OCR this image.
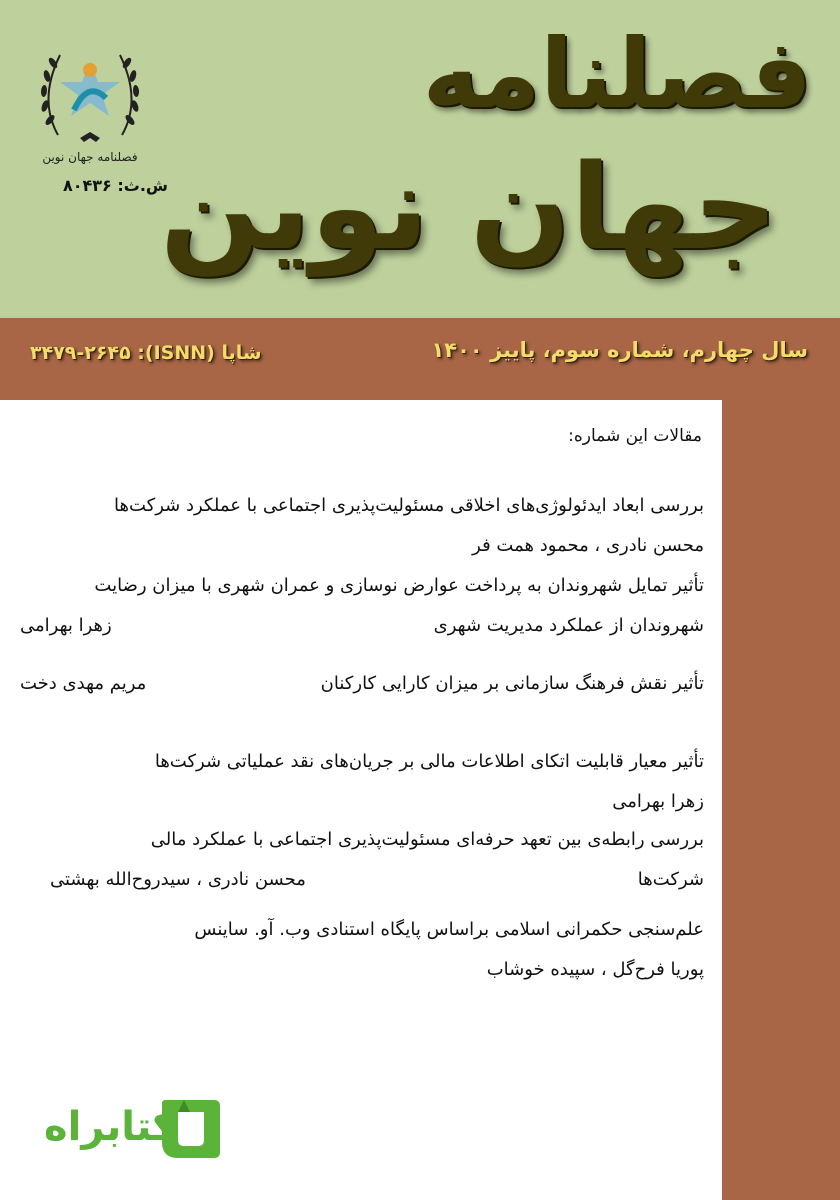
فصلنامه جهان نوین
ش.ث: ۸۰۴۳۶
فصلنامه
جهان نوین
سال چهارم، شماره سوم، پاییز ۱۴۰۰
شاپا (ISNN): ۳۴۷۹-۲۶۴۵
مقالات این شماره:
بررسی ابعاد ایدئولوژی‌های اخلاقی مسئولیت‌پذیری اجتماعی با عملکرد شرکت‌ها
محسن نادری ، محمود همت فر
تأثیر تمایل شهروندان به پرداخت عوارض نوسازی و عمران شهری با میزان رضایت
شهروندان از عملکرد مدیریت شهری
زهرا بهرامی
تأثیر نقش فرهنگ سازمانی بر میزان کارایی کارکنان
مریم مهدی دخت
تأثیر معیار قابلیت اتکای اطلاعات مالی بر جریان‌های نقد عملیاتی شرکت‌ها
زهرا بهرامی
بررسی رابطه‌ی بین تعهد حرفه‌ای مسئولیت‌پذیری اجتماعی با عملکرد مالی
شرکت‌ها
محسن نادری ، سیدروح‌الله بهشتی
علم‌سنجی حکمرانی اسلامی براساس پایگاه استنادی وب. آو. ساینس
پوریا فرح‌گل ، سپیده خوشاب
کتابراه
